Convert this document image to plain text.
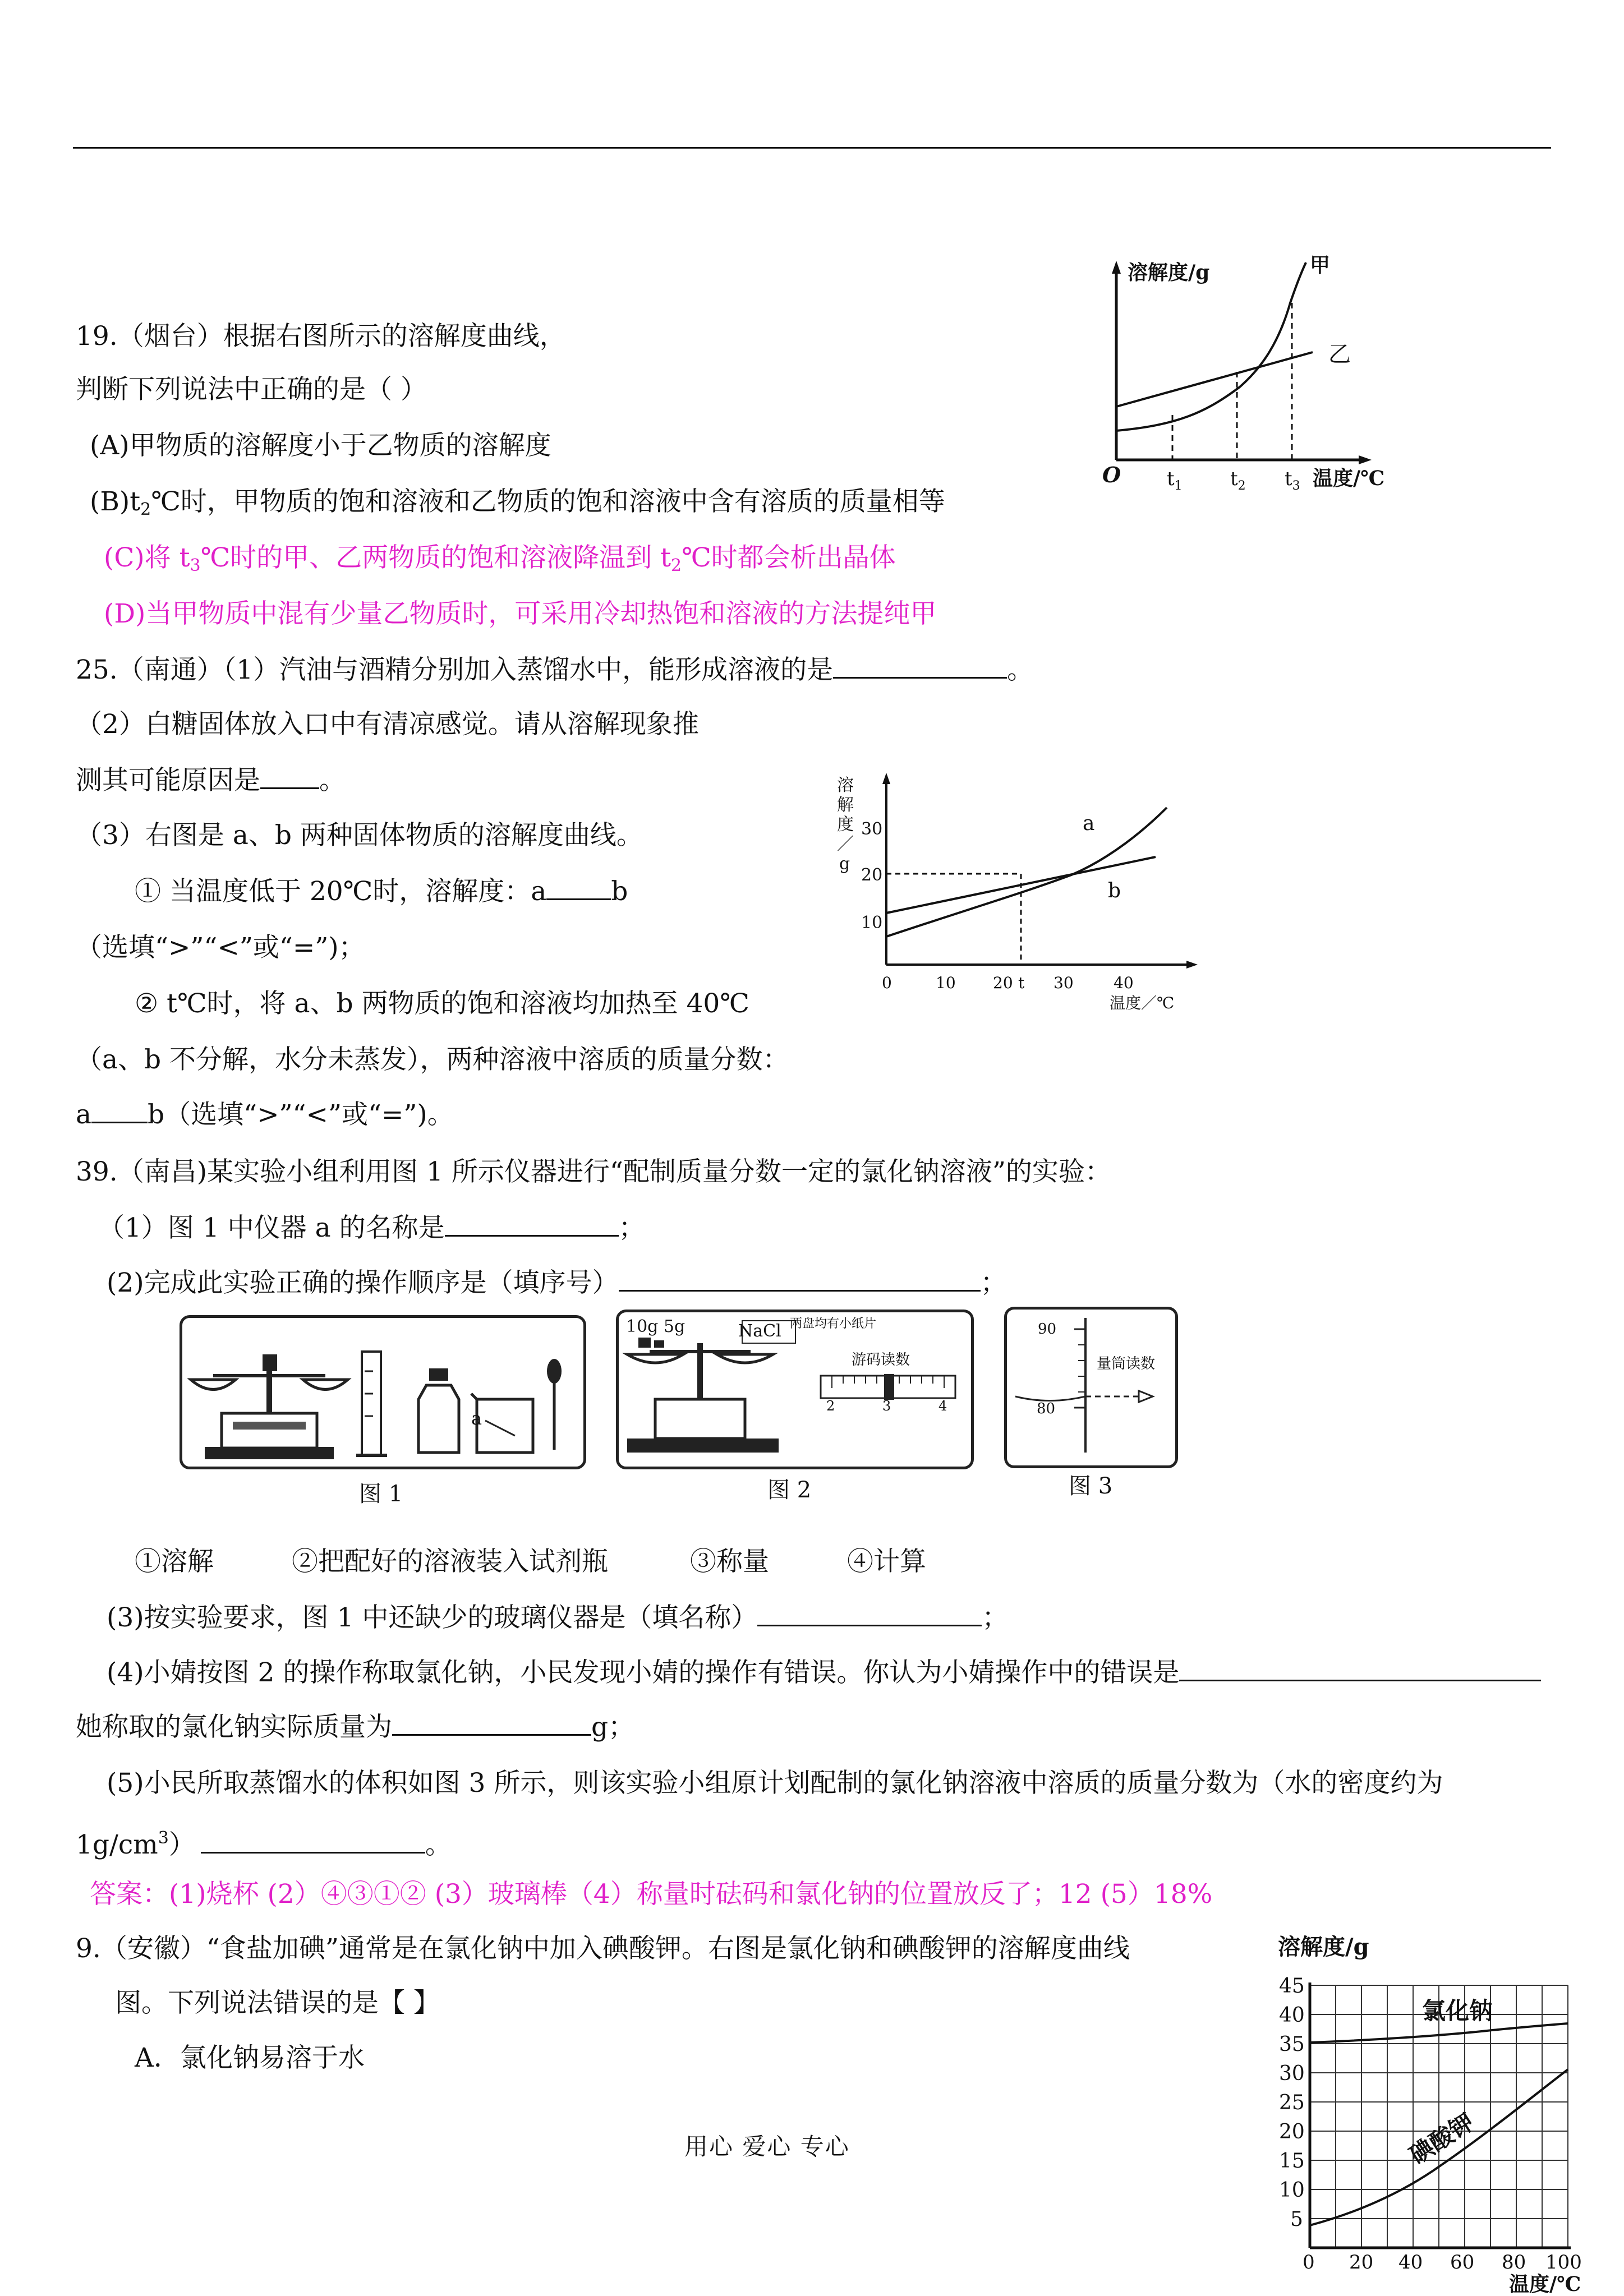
19.（烟台）根据右图所示的溶解度曲线，
判断下列说法中正确的是（ ）
(A)甲物质的溶解度小于乙物质的溶解度
$(B)t_2℃$时，甲物质的饱和溶液和乙物质的饱和溶液中含有溶质的质量相等
(C)将 $t_3℃$时的甲、乙两物质的饱和溶液降温到 $t_2℃$时都会析出晶体
(D)当甲物质中混有少量乙物质时，可采用冷却热饱和溶液的方法提纯甲
溶解度/g
O
甲
乙
$t_1$	$t_2$ $t_3$ 温度/℃
25.（南通）（1）汽油与酒精分别加入蒸馏水中，能形成溶液的是	。
（2）白糖固体放入口中有清凉感觉。请从溶解现象推
测其可能原因是 。
（3）右图是 a、b 两种固体物质的溶解度曲线。
① 当温度低于 20℃时，溶解度：a b
（选填“>”“<”或“=”)；
② t℃时，将 a、b 两物质的饱和溶液均加热至 40℃
（a、b 不分解，水分未蒸发），两种溶液中溶质的质量分数：
a b（选填“>”“<”或“=”)。
溶
解
度
／
g
30
20
10
a
b
0	10 20 t 30	40
温度／℃
39.（南昌)某实验小组利用图 1 所示仪器进行“配制质量分数一定的氯化钠溶液”的实验：
（1）图 1 中仪器 a 的名称是	；
(2)完成此实验正确的操作顺序是（填序号）	；
a
图 1
10g 5g	NaCl 两盘均有小纸片
游码读数
2	3	4
图 2
90
80
量筒读数
图 3
①溶解	②把配好的溶液装入试剂瓶	③称量	④计算
(3)按实验要求，图 1 中还缺少的玻璃仪器是（填名称）	；
(4)小婧按图 2 的操作称取氯化钠，小民发现小婧的操作有错误。你认为小婧操作中的错误是
她称取的氯化钠实际质量为	g；
(5)小民所取蒸馏水的体积如图 3 所示，则该实验小组原计划配制的氯化钠溶液中溶质的质量分数为（水的密度约为
$1g/cm^3$）	。
答案：(1)烧杯 (2）④③①② (3）玻璃棒（4）称量时砝码和氯化钠的位置放反了；12 (5）18%
9.（安徽）“食盐加碘”通常是在氯化钠中加入碘酸钾。右图是氯化钠和碘酸钾的溶解度曲线
图。下列说法错误的是【 】
A．氯化钠易溶于水
溶解度/g
45
40
35
30
25
20
15
10
5
氯化钠
碘酸钾
0 20 40 60 80 100
温度/℃
用心 爱心 专心
